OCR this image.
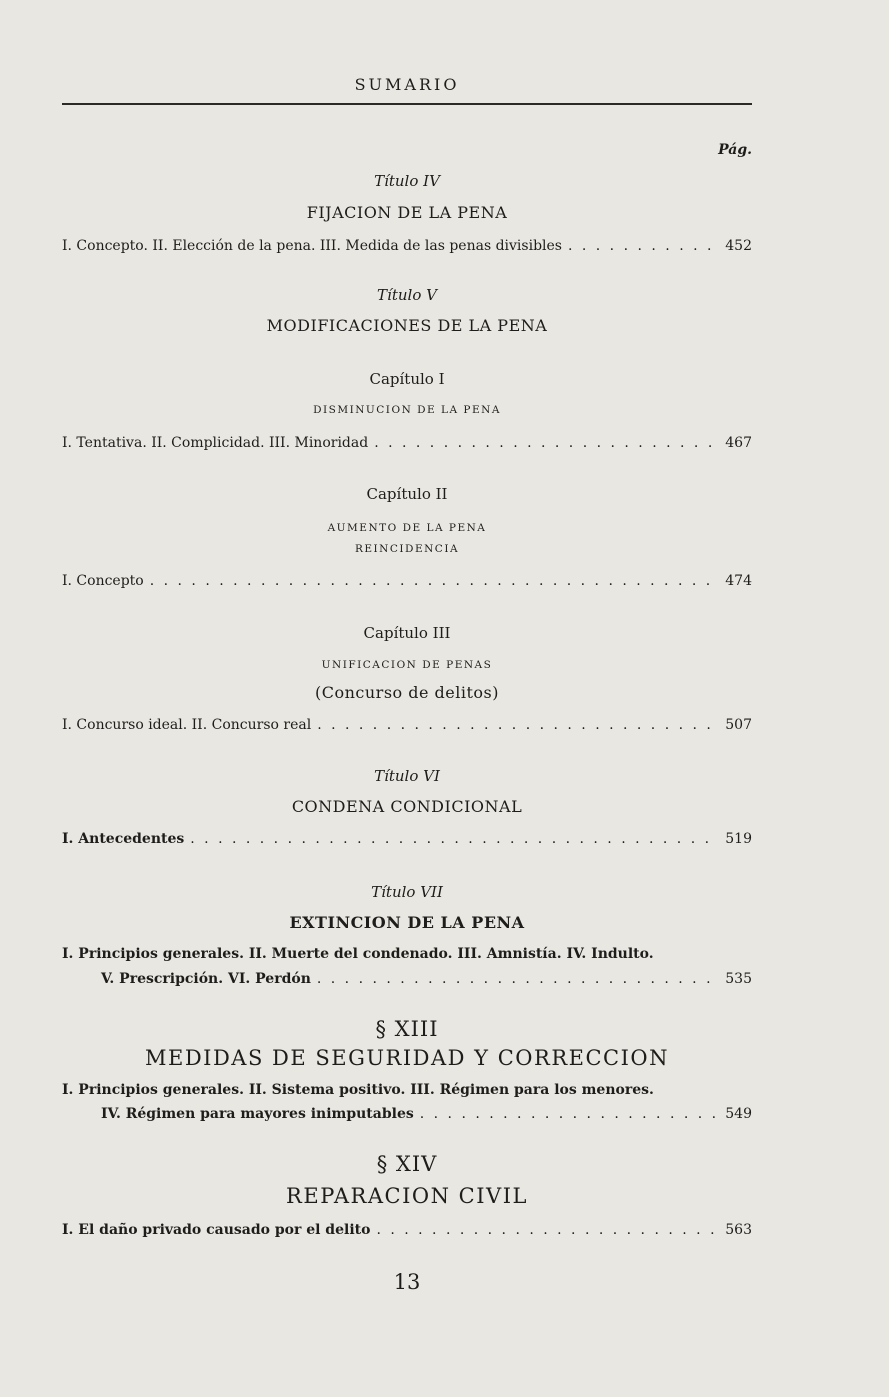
SUMARIO
Pág.
Título IV
FIJACION DE LA PENA
I. Concepto. II. Elección de la pena. III. Medida de las penas divisibles . . .	452
Título V
MODIFICACIONES DE LA PENA
Capítulo I
DISMINUCION DE LA PENA
I. Tentativa. II. Complicidad. III. Minoridad . . .	467
Capítulo II
AUMENTO DE LA PENA
REINCIDENCIA
I. Concepto . . .	474
Capítulo III
UNIFICACION DE PENAS
(Concurso de delitos)
I. Concurso ideal. II. Concurso real . . .	507
Título VI
CONDENA CONDICIONAL
I. Antecedentes . . .	519
Título VII
EXTINCION DE LA PENA
I. Principios generales. II. Muerte del condenado. III. Amnistía. IV. Indulto.
V. Prescripción. VI. Perdón . . .	535
§ XIII
MEDIDAS DE SEGURIDAD Y CORRECCION
I. Principios generales. II. Sistema positivo. III. Régimen para los menores.
IV. Régimen para mayores inimputables . . .	549
§ XIV
REPARACION CIVIL
I. El daño privado causado por el delito . . .	563
13
